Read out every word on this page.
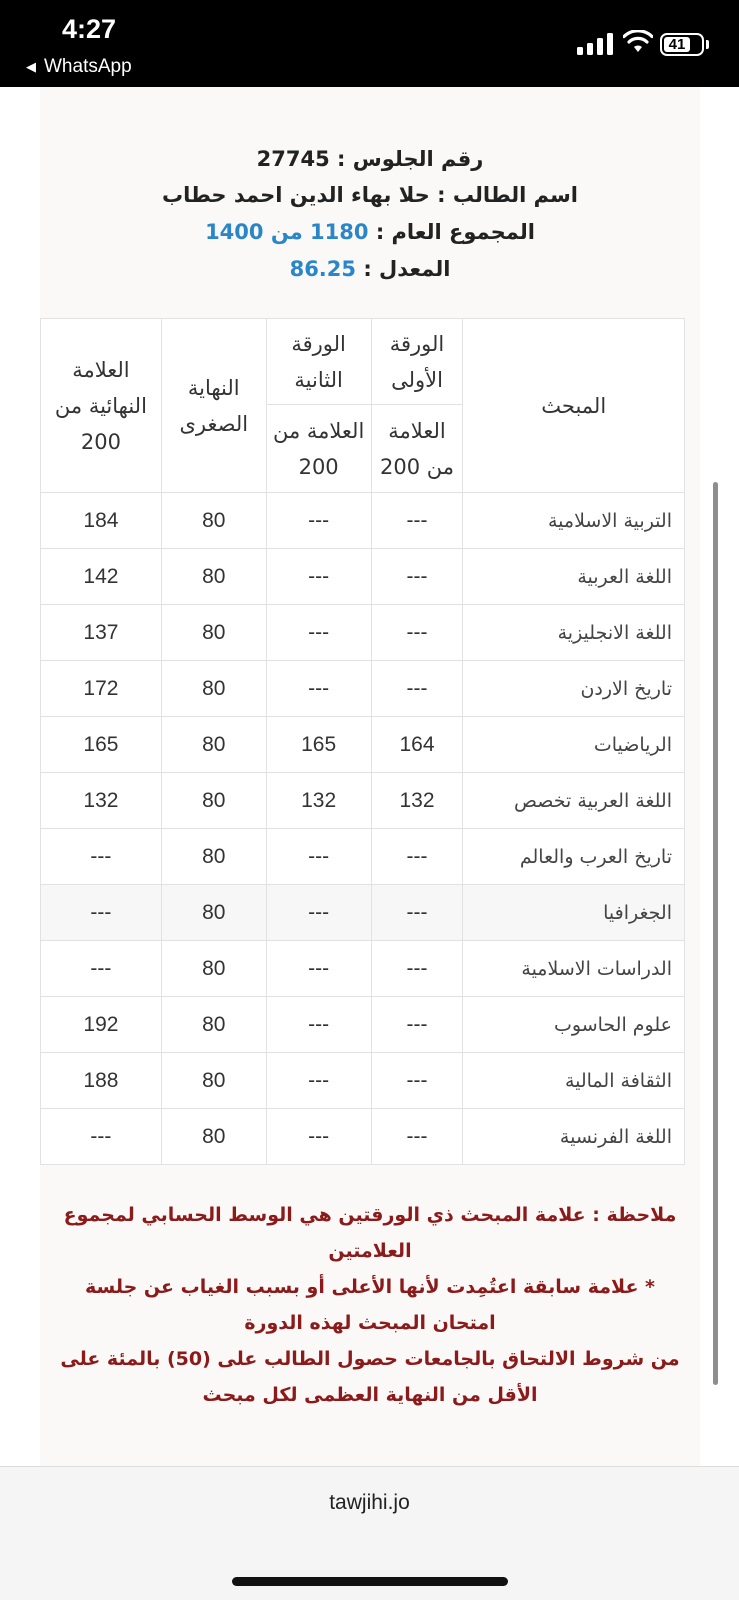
4:27
◀ WhatsApp
41
رقم الجلوس : 27745
اسم الطالب : حلا بهاء الدين احمد حطاب
المجموع العام : 1180 من 1400
المعدل : 86.25
المبحث	الورقة الأولى	الورقة الثانية	النهاية الصغرى	العلامة النهائية من 200
	العلامة من 200	العلامة من 200		
التربية الاسلامية	---	---	80	184
اللغة العربية	---	---	80	142
اللغة الانجليزية	---	---	80	137
تاريخ الاردن	---	---	80	172
الرياضيات	164	165	80	165
اللغة العربية تخصص	132	132	80	132
تاريخ العرب والعالم	---	---	80	---
الجغرافيا	---	---	80	---
الدراسات الاسلامية	---	---	80	---
علوم الحاسوب	---	---	80	192
الثقافة المالية	---	---	80	188
اللغة الفرنسية	---	---	80	---
ملاحظة : علامة المبحث ذي الورقتين هي الوسط الحسابي لمجموع العلامتين
* علامة سابقة اعتُمِدت لأنها الأعلى أو بسبب الغياب عن جلسة امتحان المبحث لهذه الدورة
من شروط الالتحاق بالجامعات حصول الطالب على (50) بالمئة على الأقل من النهاية العظمى لكل مبحث
tawjihi.jo
